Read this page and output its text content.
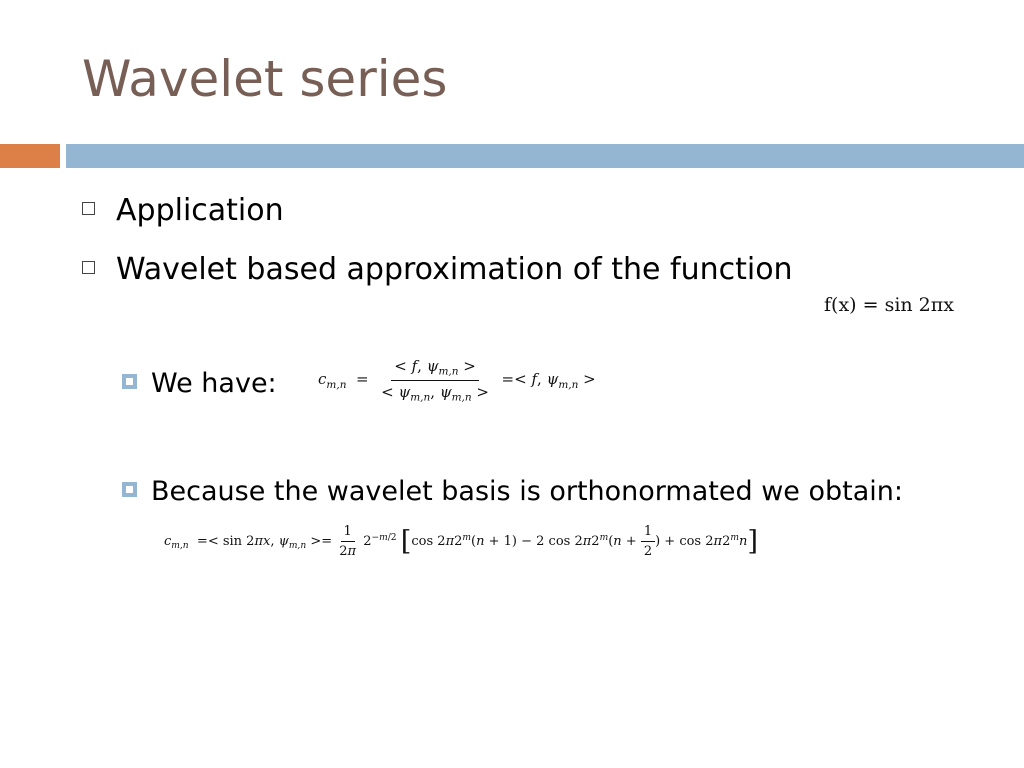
Wavelet series
Application
Wavelet based approximation of the function
f(x) = sin 2πx
We have:	$c_{m,n} = \frac{< f, \psi_{m,n} >}{< \psi_{m,n}, \psi_{m,n} >} =< f$, $\psi_{m,n}$ >
Because the wavelet basis is orthonormated we obtain:
$c_{m,n} =< \sin 2\pi x$, $\psi_{m,n} >= \frac{1}{2\pi} 2^{-m/2}$ [cos $2\pi 2^m(n + 1) - 2$ $\cos 2\pi 2^m(n + \frac{1}{2}$ ) + cos 2π2$^m$n]
